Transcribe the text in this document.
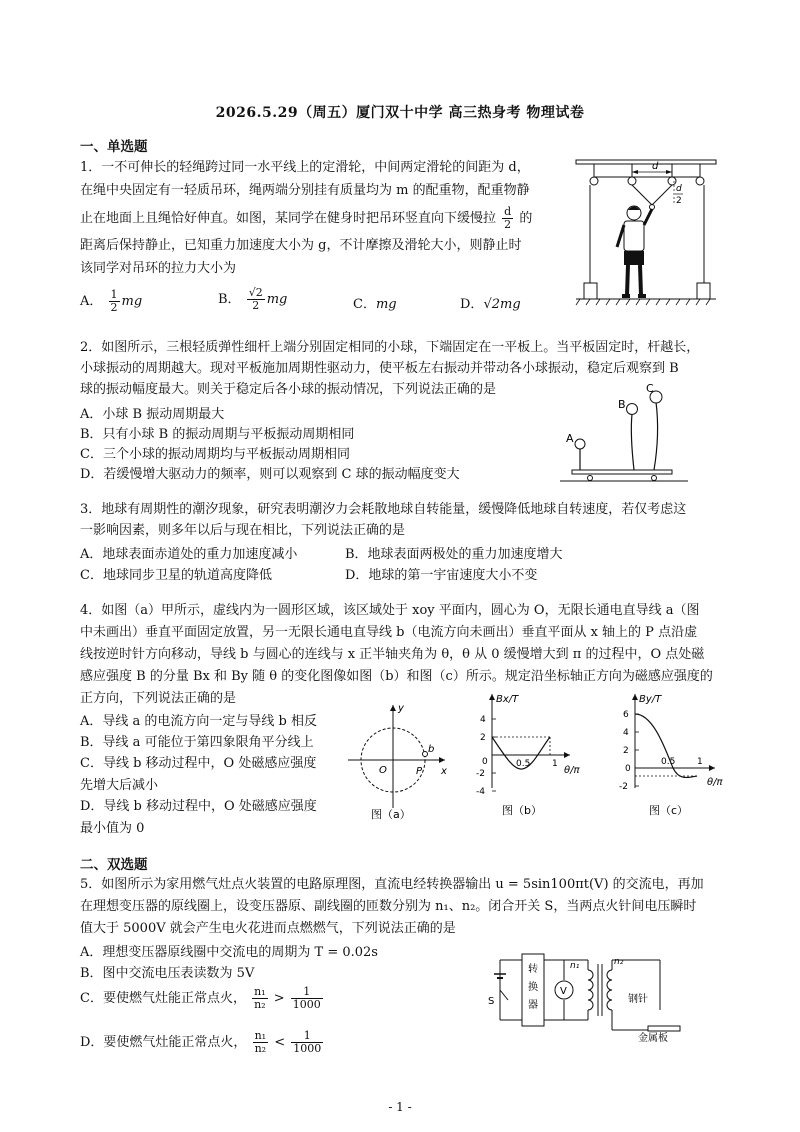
2026.5.29（周五）厦门双十中学 高三热身考 物理试卷
一、单选题
1．一不可伸长的轻绳跨过同一水平线上的定滑轮，中间两定滑轮的间距为 d，
在绳中央固定有一轻质吊环，绳两端分别挂有质量均为 m 的配重物，配重物静
止在地面上且绳恰好伸直。如图，某同学在健身时把吊环竖直向下缓慢拉 $\frac{d}{2}$ 的
距离后保持静止，已知重力加速度大小为 g，不计摩擦及滑轮大小，则静止时
该同学对吊环的拉力大小为
A． $\frac{1}{2}$ mg	B． $\frac{√2}{2}$ mg	C．mg	D．√2mg
d
d
2
2．如图所示，三根轻质弹性细杆上端分别固定相同的小球，下端固定在一平板上。当平板固定时，杆越长，
小球振动的周期越大。现对平板施加周期性驱动力，使平板左右振动并带动各小球振动，稳定后观察到 B
球的振动幅度最大。则关于稳定后各小球的振动情况，下列说法正确的是
A．小球 B 振动周期最大
B．只有小球 B 的振动周期与平板振动周期相同
C．三个小球的振动周期均与平板振动周期相同
D．若缓慢增大驱动力的频率，则可以观察到 C 球的振动幅度变大
A
B
C
3．地球有周期性的潮汐现象，研究表明潮汐力会耗散地球自转能量，缓慢降低地球自转速度，若仅考虑这
一影响因素，则多年以后与现在相比，下列说法正确的是
A．地球表面赤道处的重力加速度减小	B．地球表面两极处的重力加速度增大
C．地球同步卫星的轨道高度降低	D．地球的第一宇宙速度大小不变
4．如图（a）甲所示，虚线内为一圆形区域，该区域处于 xoy 平面内，圆心为 O，无限长通电直导线 a（图
中未画出）垂直平面固定放置，另一无限长通电直导线 b（电流方向未画出）垂直平面从 x 轴上的 P 点沿虚
线按逆时针方向移动，导线 b 与圆心的连线与 x 正半轴夹角为 θ，θ 从 0 缓慢增大到 π 的过程中，O 点处磁
感应强度 B 的分量 Bx 和 By 随 θ 的变化图像如图（b）和图（c）所示。规定沿坐标轴正方向为磁感应强度的
正方向，下列说法正确的是
A．导线 a 的电流方向一定与导线 b 相反
B．导线 a 可能位于第四象限角平分线上
C．导线 b 移动过程中，O 处磁感应强度
先增大后减小
D．导线 b 移动过程中，O 处磁感应强度
最小值为 0
y
x
O	P
b
图（a）
Bx/T
θ/π
4
2
0
-2
-4
0.5 1
图（b）
By/T
θ/π
6
4
2
0
-2
0.5 1
图（c）
二、双选题
5．如图所示为家用燃气灶点火装置的电路原理图，直流电经转换器输出 u = 5sin100πt(V) 的交流电，再加
在理想变压器的原线圈上，设变压器原、副线圈的匝数分别为 n₁、n₂。闭合开关 S，当两点火针间电压瞬时
值大于 5000V 就会产生电火花进而点燃燃气，下列说法正确的是
A．理想变压器原线圈中交流电的周期为 T = 0.02s
B．图中交流电压表读数为 5V
C．要使燃气灶能正常点火， $\frac{\text{n₁}}{\text{n₂}} > \frac{1}{1000}$
D．要使燃气灶能正常点火， $\frac{\text{n₁}}{\text{n₂}} < \frac{1}{1000}$
S
转
换
器
V
n₁	n₂
钢针
金属板
- 1 -
